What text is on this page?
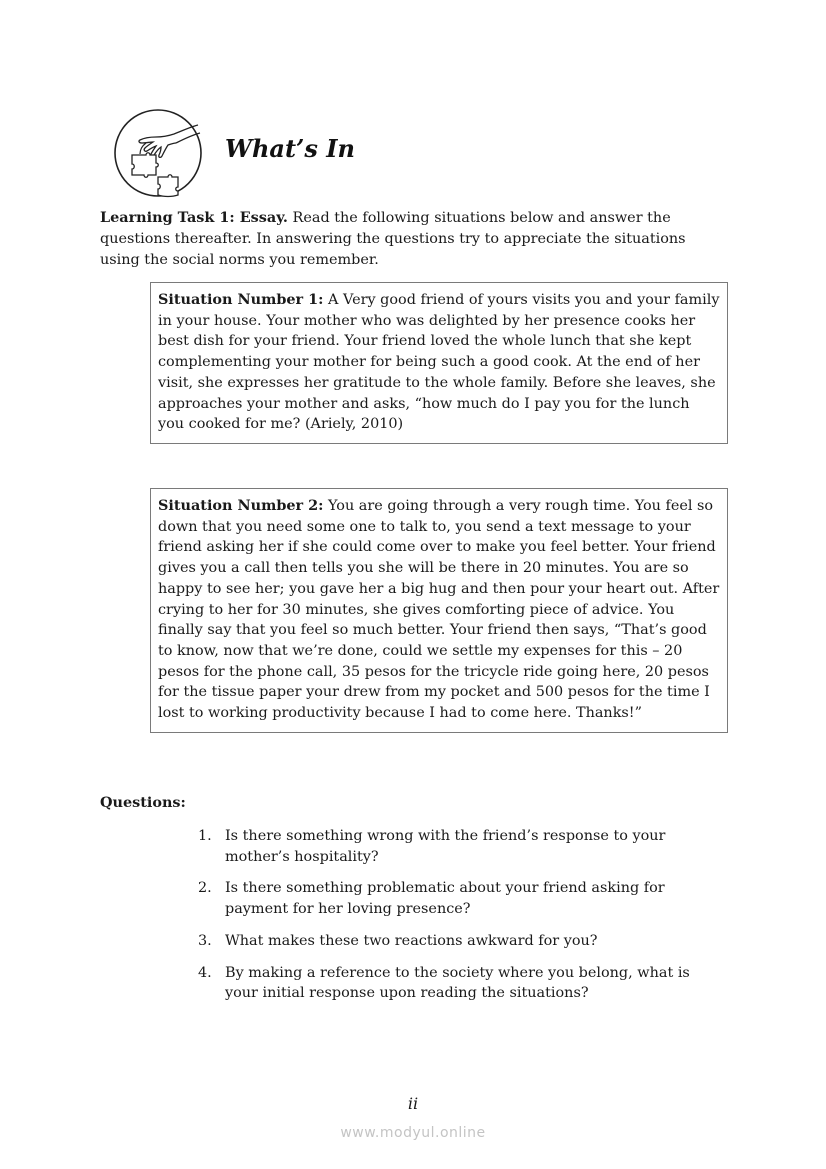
What’s In

Learning Task 1: Essay. Read the following situations below and answer the questions thereafter. In answering the questions try to appreciate the situations using the social norms you remember.

Situation Number 1: A Very good friend of yours visits you and your family in your house. Your mother who was delighted by her presence cooks her best dish for your friend. Your friend loved the whole lunch that she kept complementing your mother for being such a good cook. At the end of her visit, she expresses her gratitude to the whole family. Before she leaves, she approaches your mother and asks, “how much do I pay you for the lunch you cooked for me? (Ariely, 2010)
Situation Number 2: You are going through a very rough time. You feel so down that you need some one to talk to, you send a text message to your friend asking her if she could come over to make you feel better. Your friend gives you a call then tells you she will be there in 20 minutes. You are so happy to see her; you gave her a big hug and then pour your heart out. After crying to her for 30 minutes, she gives comforting piece of advice. You finally say that you feel so much better. Your friend then says, “That’s good to know, now that we’re done, could we settle my expenses for this – 20 pesos for the phone call, 35 pesos for the tricycle ride going here, 20 pesos for the tissue paper your drew from my pocket and 500 pesos for the time I lost to working productivity because I had to come here. Thanks!”
Questions:
1. Is there something wrong with the friend’s response to your mother’s hospitality?
2. Is there something problematic about your friend asking for payment for her loving presence?
3. What makes these two reactions awkward for you?
4. By making a reference to the society where you belong, what is your initial response upon reading the situations?
ii
www.modyul.online
